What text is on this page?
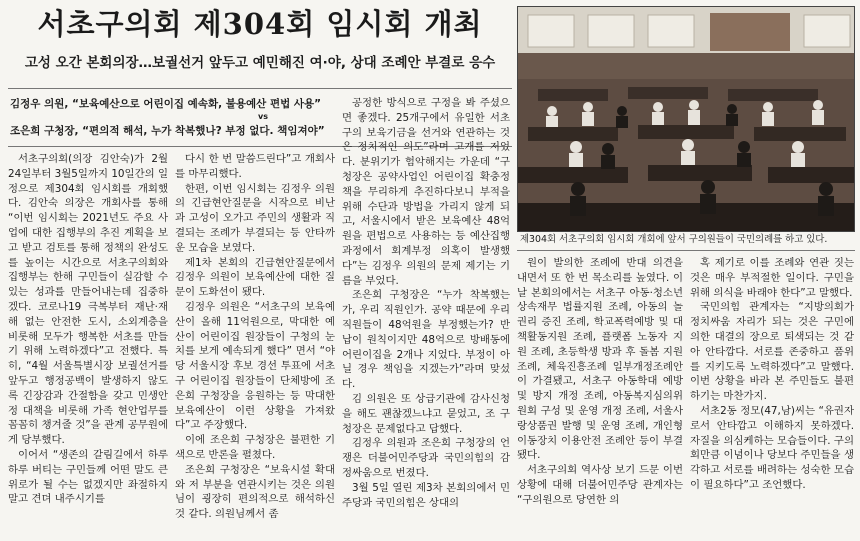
서초구의회 제304회 임시회 개최
고성 오간 본회의장…보궐선거 앞두고 예민해진 여·야, 상대 조례안 부결로 응수
김정우 의원, “보육예산으로 어린이집 예속화, 불용예산 편법 사용”
vs
조은희 구청장, “편의적 해석, 누가 착복했나? 부정 없다. 책임져야”

서초구의회(의장 김안숙)가 2월 24일부터 3월5일까지 10일간의 일정으로 제304회 임시회를 개회했다. 김안숙 의장은 개회사를 통해 “이번 임시회는 2021년도 주요 사업에 대한 집행부의 추진 계획을 보고 받고 검토를 통해 정책의 완성도를 높이는 시간으로 서초구의회와 집행부는 한해 구민들이 실감할 수 있는 성과를 만들어내는데 집중하겠다. 코로나19 극복부터 재난·재해 없는 안전한 도시, 소외계층을 비롯해 모두가 행복한 서초를 만들기 위해 노력하겠다”고 전했다. 특히, “4월 서울특별시장 보궐선거를 앞두고 행정공백이 발생하지 않도록 긴장감과 간절함을 갖고 민생안정 대책을 비롯해 가족 현안업무를 꼼꼼히 챙겨줄 것”을 관계 공무원에게 당부했다.

이어서 “생존의 갈림길에서 하루하루 버티는 구민들께 어떤 말도 큰 위로가 될 수는 없겠지만 좌절하지 말고 견뎌 내주시기를

다시 한 번 말씀드린다”고 개회사를 마무리했다.

한편, 이번 임시회는 김정우 의원의 긴급현안질문을 시작으로 비난과 고성이 오가고 주민의 생활과 직결되는 조례가 부결되는 등 안타까운 모습을 보였다.

제1차 본회의 긴급현안질문에서 김정우 의원이 보육예산에 대한 질문이 도화선이 됐다.

김정우 의원은 “서초구의 보육예산이 올해 11억원으로, 막대한 예산이 어린이집 원장들이 구청의 눈치를 보게 예속되게 했다” 면서 “야당 서울시장 후보 경선 투표에 서초구 어린이집 원장들이 단체방에 조은희 구청장을 응원하는 등 막대한 보육예산이 이런 상황을 가져왔다”고 주장했다.

이에 조은희 구청장은 불편한 기색으로 반론을 펼쳤다.

조은희 구청장은 “보육시설 확대와 저 부분을 연관시키는 것은 의원님이 굉장히 편의적으로 해석하신 것 같다. 의원님께서 좀

공정한 방식으로 구정을 봐 주셨으면 좋겠다. 25개구에서 유일한 서초구의 보육기금을 선거와 연관하는 것은 정치적인 의도”라며 고개를 저었다. 분위기가 험악해지는 가운데 “구청장은 공약사업인 어린이집 확충정책을 무리하게 추진하다보니 부적을 위해 수단과 방법을 가리지 않게 되고, 서울시에서 받은 보육예산 48억원을 편법으로 사용하는 등 예산집행 과정에서 회계부정 의혹이 발생했다”는 김정우 의원의 문제 제기는 기름을 부었다.

조은희 구청장은 “누가 착복했는가, 우리 직원인가. 공약 때문에 우리 직원들이 48억원을 부정했는가? 반납이 원칙이지만 48억으로 방배동에 어린이집을 2개나 지었다. 부정이 아닐 경우 책임을 지겠는가”라며 맞섰다.

김 의원은 또 상급기관에 감사신청을 해도 괜찮겠느냐고 묻었고, 조 구청장은 문제없다고 답했다.

김정우 의원과 조은희 구청장의 언쟁은 더불어민주당과 국민의힘의 감정싸움으로 번졌다.

3월 5일 열린 제3차 본회의에서 민주당과 국민의힘은 상대의

제304회 서초구의회 임시회 개회에 앞서 구의원들이 국민의례를 하고 있다.

원이 발의한 조례에 반대 의견을 내면서 또 한 번 목소리를 높였다. 이날 본회의에서는 서초구 아동·청소년 상속재무 법률지원 조례, 아동의 놀 권리 증진 조례, 학교폭력예방 및 대책활동지원 조례, 플랫폼 노동자 지원 조례, 초등학생 방과 후 돌봄 지원 조례, 체육진흥조례 일부개정조례안이 가결됐고, 서초구 아동학대 예방 및 방지 개정 조례, 아동복지심의위원회 구성 및 운영 개정 조례, 서울사랑상품권 발행 및 운영 조례, 개인형 이동장치 이용안전 조례안 등이 부결됐다.

서초구의회 역사상 보기 드문 이번 상황에 대해 더불어민주당 관계자는 “구의원으로 당연한 의

혹 제기로 이를 조례와 연관 짓는 것은 매우 부적절한 일이다. 구민을 위해 의식을 바래야 한다”고 말했다.

국민의힘 관계자는 “지방의회가 정치싸움 자리가 되는 것은 구민에 의한 대결의 장으로 퇴색되는 것 같아 안타깝다. 서로를 존중하고 품위를 지키도록 노력하겠다”고 말했다. 이번 상황을 바라 본 주민들도 불편하기는 마찬가지.

서초2동 정모(47,남)씨는 “유권자로서 안타깝고 이해하지 못하겠다. 자질을 의심케하는 모습들이다. 구의회만큼 이념이나 당보다 주민들을 생각하고 서로를 배려하는 성숙한 모습이 필요하다”고 조언했다.
